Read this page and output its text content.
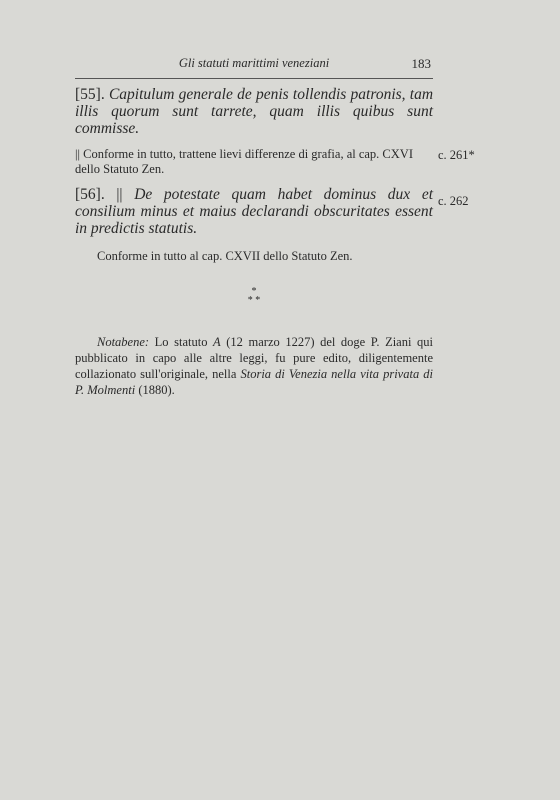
Gli statuti marittimi veneziani	183
[55]. Capitulum generale de penis tollendis patronis, tam illis quorum sunt tarrete, quam illis quibus sunt commisse.
|| Conforme in tutto, trattene lievi differenze di grafia, al cap. CXVI dello Statuto Zen.
c. 261*
[56]. || De potestate quam habet dominus dux et consilium minus et maius declarandi obscuritates essent in predictis statutis.
Conforme in tutto al cap. CXVII dello Statuto Zen.
c. 262
*
* *
Notabene: Lo statuto A (12 marzo 1227) del doge P. Ziani qui pubblicato in capo alle altre leggi, fu pure edito, diligentemente collazionato sull'originale, nella Storia di Venezia nella vita privata di P. Molmenti (1880).
